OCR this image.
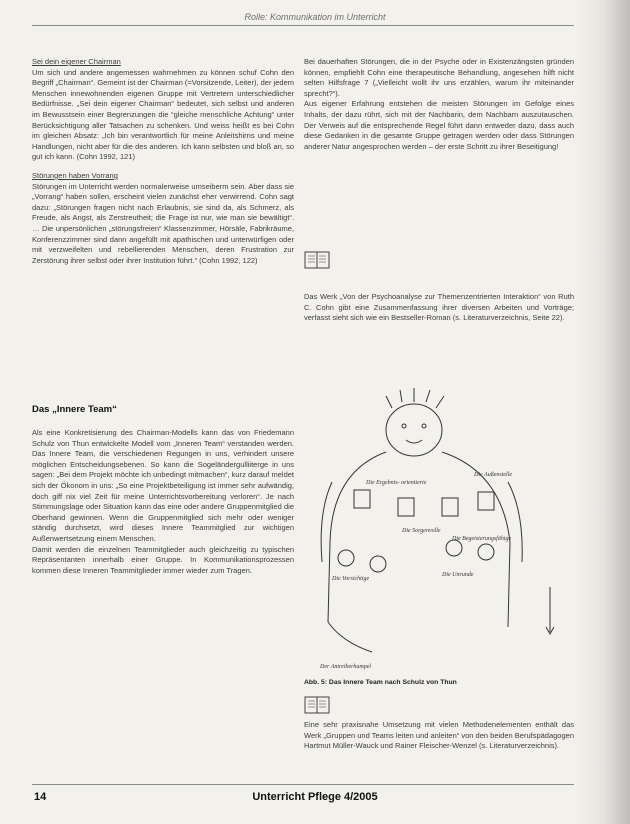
Rolle: Kommunikation im Unterricht
Sei dein eigener Chairman

Um sich und andere angemessen wahrnehmen zu können schuf Cohn den Begriff „Chairman“. Gemeint ist der Chairman (=Vorsitzende, Leiter), der jedem Menschen innewohnenden eigenen Gruppe mit Vertretern unterschiedlicher Bedürfnisse. „Sei dein eigener Chairman“ bedeutet, sich selbst und anderen im Bewusstsein einer Begrenzungen die “gleiche menschliche Achtung“ unter Berücksichtigung aller Tatsachen zu schenken. Und weiss heißt es bei Cohn im gleichen Absatz: „Ich bin verantwortlich für meine Anleitshirns und meine Handlungen, nicht aber für die des anderen. Ich kann selbsten und bloß an, so gut ich kann. (Cohn 1992, 121)

Störungen haben Vorrang

Störungen im Unterricht werden normalerweise umseiberm sein. Aber dass sie „Vorrang“ haben sollen, erscheint vielen zunächst eher verwirrend. Cohn sagt dazu: „Störungen fragen nicht nach Erlaubnis, sie sind da, als Schmerz, als Freude, als Angst, als Zerstreutheit; die Frage ist nur, wie man sie bewältigt“. … Die unpersönlichen „störungsfreien“ Klassenzimmer, Hörsäle, Fabrikräume, Konferenzzimmer sind dann angefüllt mit apathischen und unterwürfigen oder mit verzweifelten und rebellierenden Menschen, deren Frustration zur Zerstörung ihrer selbst oder ihrer Institution führt.“ (Cohn 1992, 122)

Das „Innere Team“

Als eine Konkretisierung des Chairman-Modells kann das von Friedemann Schulz von Thun entwickelte Modell vom „Inneren Team“ verstanden werden. Das Innere Team, die verschiedenen Regungen in uns, verhindert unsere möglichen Entscheidungsebenen. So kann die Sogeländergulliiterge in uns sagen: „Bei dem Projekt möchte ich unbedingt mitmachen“, kurz darauf meldet sich der Ökonom in uns: „So eine Projektbeteiligung ist immer sehr aufwändig, doch giff nix viel Zeit für meine Unterrichtsvorbereitung verloren“. Je nach Stimmungslage oder Situation kann das eine oder andere Gruppenmitglied die Oberhand gewinnen. Wenn die Gruppenmitglied sich mehr oder weniger ständig durchsetzt, wird dieses Innere Teammitglied zur wichtigen Außenwertsetzung einem Menschen.

Damit werden die einzelnen Teammitglieder auch gleichzeitig zu typischen Repräsentanten innerhalb einer Gruppe. In Kommunikationsprozessen kommen diese Inneren Teammitglieder immer wieder zum Tragen.

Bei dauerhaften Störungen, die in der Psyche oder in Existenzängsten gründen können, empfiehlt Cohn eine therapeutische Behandlung, angesehen hilft nicht selten Hilfsfrage 7 („Vielleicht wollt ihr uns erzählen, warum ihr miteinander sprecht?“).

Aus eigener Erfahrung entstehen die meisten Störungen im Gefolge eines Inhalts, der dazu rührt, sich mit der Nachbarin, dem Nachbarn auszutauschen. Der Verweis auf die entsprechende Regel führt dann entweder dazu, dass auch diese Gedanken in die gesamte Gruppe getragen werden oder dass Störungen anderer Natur angesprochen werden – der erste Schritt zu ihrer Beseitigung!

Das Werk „Von der Psychoanalyse zur Themenzentrierten Interaktion“ von Ruth C. Cohn gibt eine Zusammenfassung ihrer diversen Arbeiten und Vorträge; verfasst sieht sich wie ein Bestseller-Roman (s. Literaturverzeichnis, Seite 22).

Die Ergebnis- orientierte
Die Außenstelle
Die Sorgenvolle
Die Begeisterungsfähige
Die Vorsichtige
Die Unrunde
Der Antreiberhampel
Abb. 5: Das Innere Team nach Schulz von Thun

Eine sehr praxisnahe Umsetzung mit vielen Methodenelementen enthält das Werk „Gruppen und Teams leiten und anleiten“ von den beiden Berufspädagogen Hartmut Müller-Wauck und Rainer Fleischer-Wenzel (s. Literaturverzeichnis).

14	Unterricht Pflege 4/2005
